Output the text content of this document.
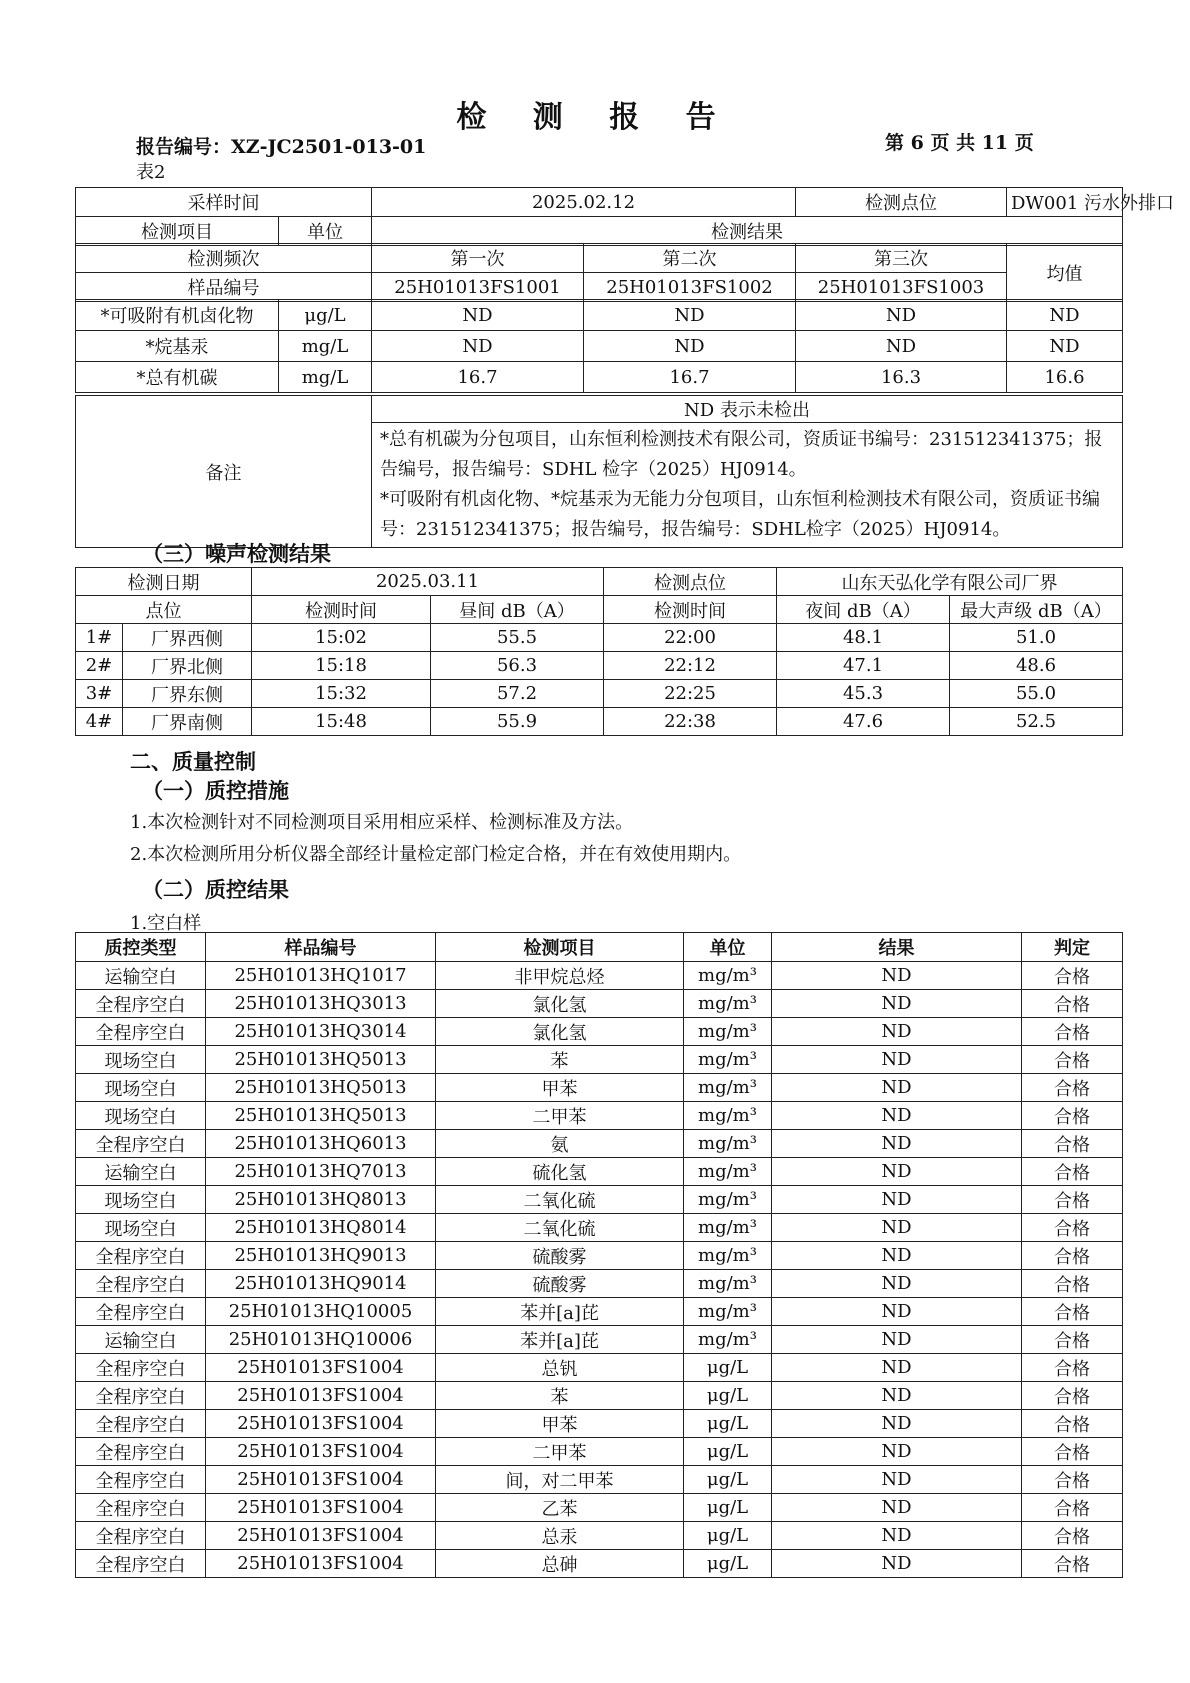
检 测 报 告
报告编号：XZ-JC2501-013-01	第 6 页 共 11 页
表2
采样时间		2025.02.12	检测点位	DW001 污水外排口
检测项目	单位	检测结果		
检测频次	第一次	第二次	第三次	均值
样品编号	25H01013FS1001	25H01013FS1002	25H01013FS1003	
*可吸附有机卤化物	μg/L	ND	ND	ND	ND
*烷基汞	mg/L	ND	ND	ND	ND
*总有机碳	mg/L	16.7	16.7	16.3	16.6
备注	ND 表示未检出

*总有机碳为分包项目，山东恒利检测技术有限公司，资质证书编号：231512341375；报告编号，报告编号：SDHL 检字（2025）HJ0914。
*可吸附有机卤化物、*烷基汞为无能力分包项目，山东恒利检测技术有限公司，资质证书编号：231512341375；报告编号，报告编号：SDHL检字（2025）HJ0914。
（三）噪声检测结果
检测日期		2025.03.11		检测点位	山东天弘化学有限公司厂界	
点位		检测时间	昼间 dB（A）	检测时间	夜间 dB（A）	最大声级 dB（A）
1#	厂界西侧	15:02	55.5	22:00	48.1	51.0
2#	厂界北侧	15:18	56.3	22:12	47.1	48.6
3#	厂界东侧	15:32	57.2	22:25	45.3	55.0
4#	厂界南侧	15:48	55.9	22:38	47.6	52.5
二、质量控制
（一）质控措施
1.本次检测针对不同检测项目采用相应采样、检测标准及方法。
2.本次检测所用分析仪器全部经计量检定部门检定合格，并在有效使用期内。
（二）质控结果
1.空白样
质控类型	样品编号	检测项目	单位	结果	判定
运输空白	25H01013HQ1017	非甲烷总烃	mg/m³	ND	合格
全程序空白	25H01013HQ3013	氯化氢	mg/m³	ND	合格
全程序空白	25H01013HQ3014	氯化氢	mg/m³	ND	合格
现场空白	25H01013HQ5013	苯	mg/m³	ND	合格
现场空白	25H01013HQ5013	甲苯	mg/m³	ND	合格
现场空白	25H01013HQ5013	二甲苯	mg/m³	ND	合格
全程序空白	25H01013HQ6013	氨	mg/m³	ND	合格
运输空白	25H01013HQ7013	硫化氢	mg/m³	ND	合格
现场空白	25H01013HQ8013	二氧化硫	mg/m³	ND	合格
现场空白	25H01013HQ8014	二氧化硫	mg/m³	ND	合格
全程序空白	25H01013HQ9013	硫酸雾	mg/m³	ND	合格
全程序空白	25H01013HQ9014	硫酸雾	mg/m³	ND	合格
全程序空白	25H01013HQ10005	苯并[a]芘	mg/m³	ND	合格
运输空白	25H01013HQ10006	苯并[a]芘	mg/m³	ND	合格
全程序空白	25H01013FS1004	总钒	μg/L	ND	合格
全程序空白	25H01013FS1004	苯	μg/L	ND	合格
全程序空白	25H01013FS1004	甲苯	μg/L	ND	合格
全程序空白	25H01013FS1004	二甲苯	μg/L	ND	合格
全程序空白	25H01013FS1004	间，对二甲苯	μg/L	ND	合格
全程序空白	25H01013FS1004	乙苯	μg/L	ND	合格
全程序空白	25H01013FS1004	总汞	μg/L	ND	合格
全程序空白	25H01013FS1004	总砷	μg/L	ND	合格
